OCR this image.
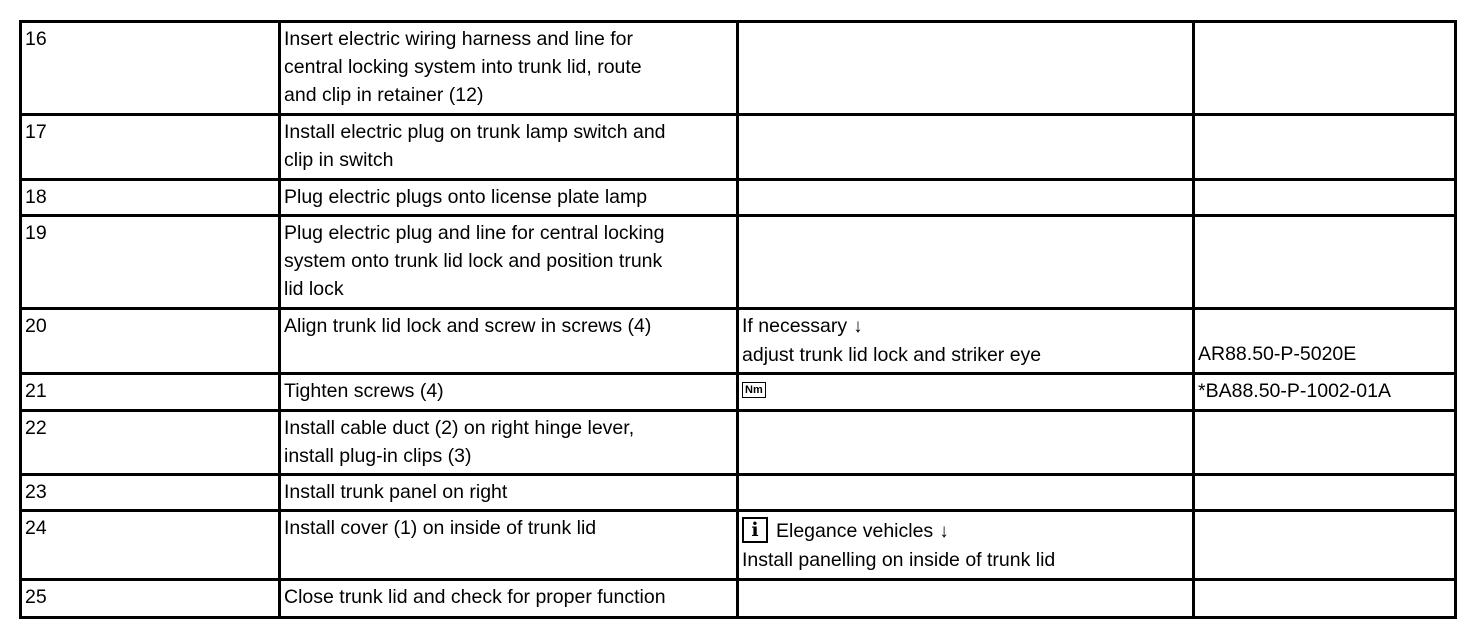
16	Insert electric wiring harness and line for
central locking system into trunk lid, route
and clip in retainer (12)		

17	Install electric plug on trunk lamp switch and
clip in switch		

18	Plug electric plugs onto license plate lamp		

19	Plug electric plug and line for central locking
system onto trunk lid lock and position trunk
lid lock		

20	Align trunk lid lock and screw in screws (4)	If necessary ↓
adjust trunk lid lock and striker eye	AR88.50-P-5020E

21	Tighten screws (4)	Nm	*BA88.50-P-1002-01A
22	Install cable duct (2) on right hinge lever,
install plug-in clips (3)		

23	Install trunk panel on right		

24	Install cover (1) on inside of trunk lid	i Elegance vehicles ↓
Install panelling on inside of trunk lid	

25	Close trunk lid and check for proper function		
